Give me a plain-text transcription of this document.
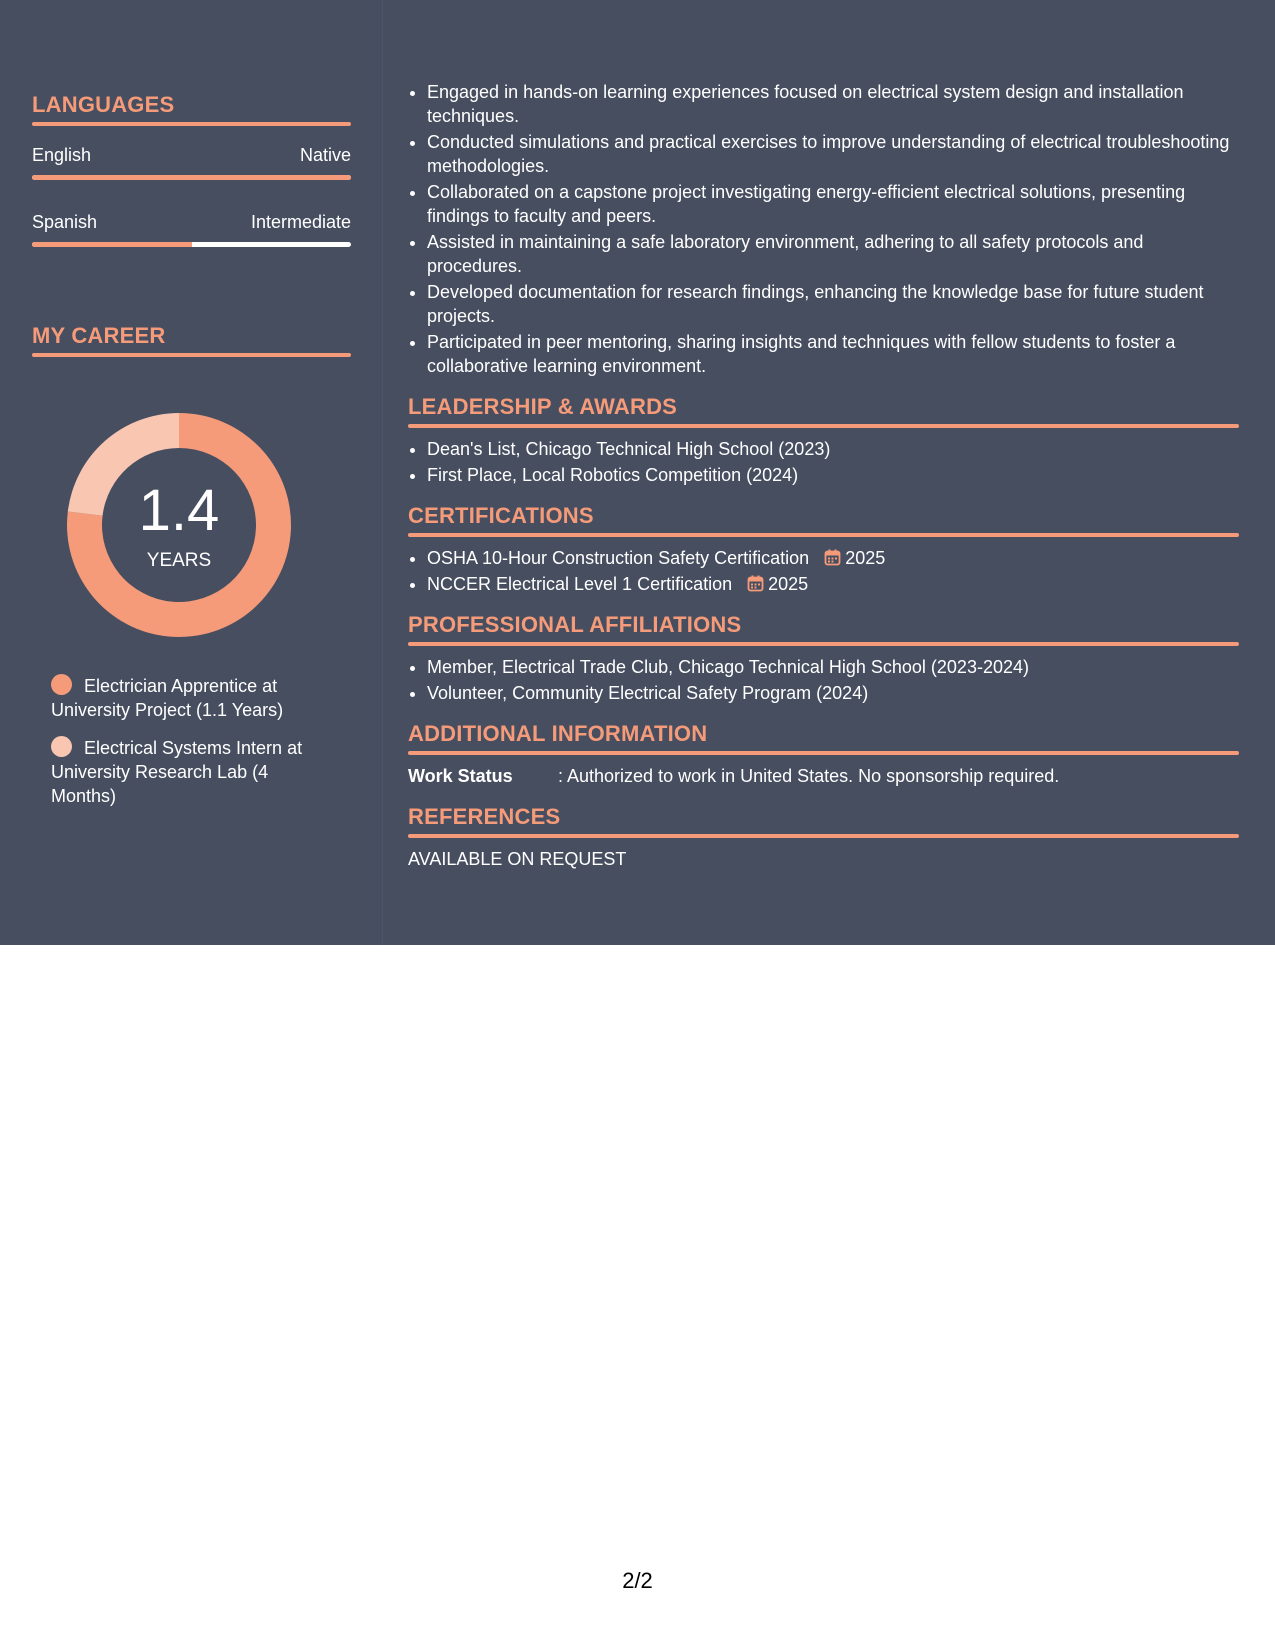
LANGUAGES
English	Native
Spanish	Intermediate
MY CAREER
1.4
YEARS
Electrician Apprentice at University Project (1.1 Years)
Electrical Systems Intern at University Research Lab (4 Months)
• Engaged in hands-on learning experiences focused on electrical system design and installation techniques.
• Conducted simulations and practical exercises to improve understanding of electrical troubleshooting methodologies.
• Collaborated on a capstone project investigating energy-efficient electrical solutions, presenting findings to faculty and peers.
• Assisted in maintaining a safe laboratory environment, adhering to all safety protocols and procedures.
• Developed documentation for research findings, enhancing the knowledge base for future student projects.
• Participated in peer mentoring, sharing insights and techniques with fellow students to foster a collaborative learning environment.
LEADERSHIP & AWARDS
• Dean's List, Chicago Technical High School (2023)
• First Place, Local Robotics Competition (2024)
CERTIFICATIONS
• OSHA 10-Hour Construction Safety Certification 2025
• NCCER Electrical Level 1 Certification 2025
PROFESSIONAL AFFILIATIONS
• Member, Electrical Trade Club, Chicago Technical High School (2023-2024)
• Volunteer, Community Electrical Safety Program (2024)
ADDITIONAL INFORMATION
Work Status	: Authorized to work in United States. No sponsorship required.
REFERENCES
AVAILABLE ON REQUEST
2/2
